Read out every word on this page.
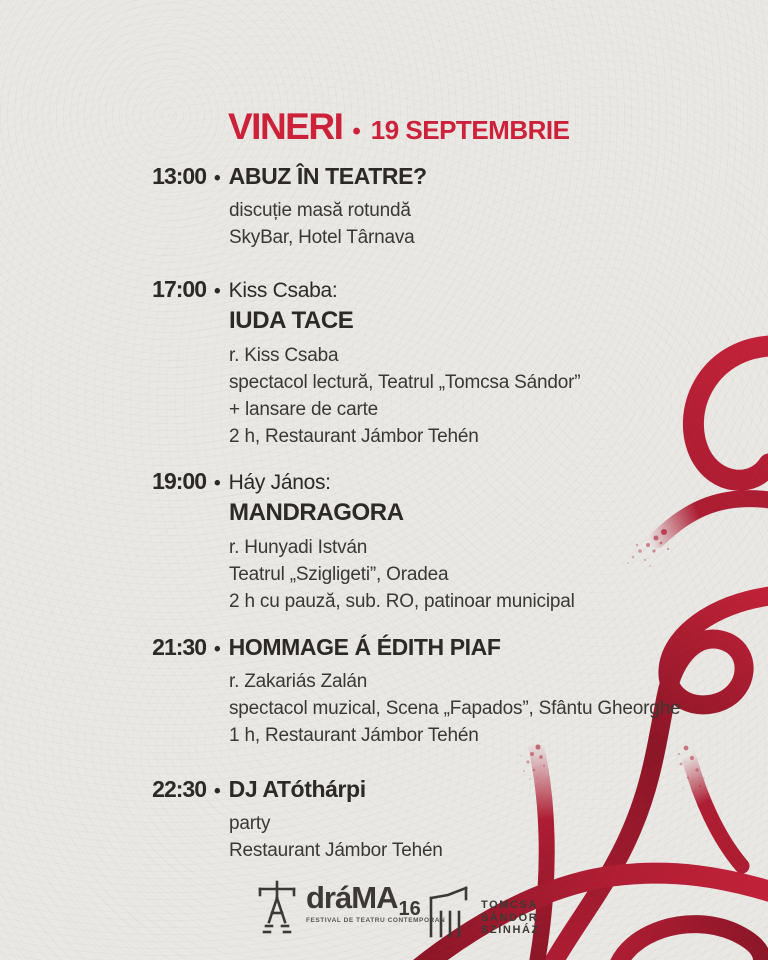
VINERI • 19 SEPTEMBRIE
13:00 • ABUZ ÎN TEATRE?
discuție masă rotundă
SkyBar, Hotel Târnava
17:00 • Kiss Csaba:
IUDA TACE
r. Kiss Csaba
spectacol lectură, Teatrul „Tomcsa Sándor”
+ lansare de carte
2 h, Restaurant Jámbor Tehén
19:00 • Háy János:
MANDRAGORA
r. Hunyadi István
Teatrul „Szigligeti”, Oradea
2 h cu pauză, sub. RO, patinoar municipal
21:30 • HOMMAGE Á ÉDITH PIAF
r. Zakariás Zalán
spectacol muzical, Scena „Fapados”, Sfântu Gheorghe
1 h, Restaurant Jámbor Tehén
22:30 • DJ ATóthárpi
party
Restaurant Jámbor Tehén
dráMA 16
FESTIVAL DE TEATRU CONTEMPORAN
TOMCSA
SÁNDOR
SZÍNHÁZ
